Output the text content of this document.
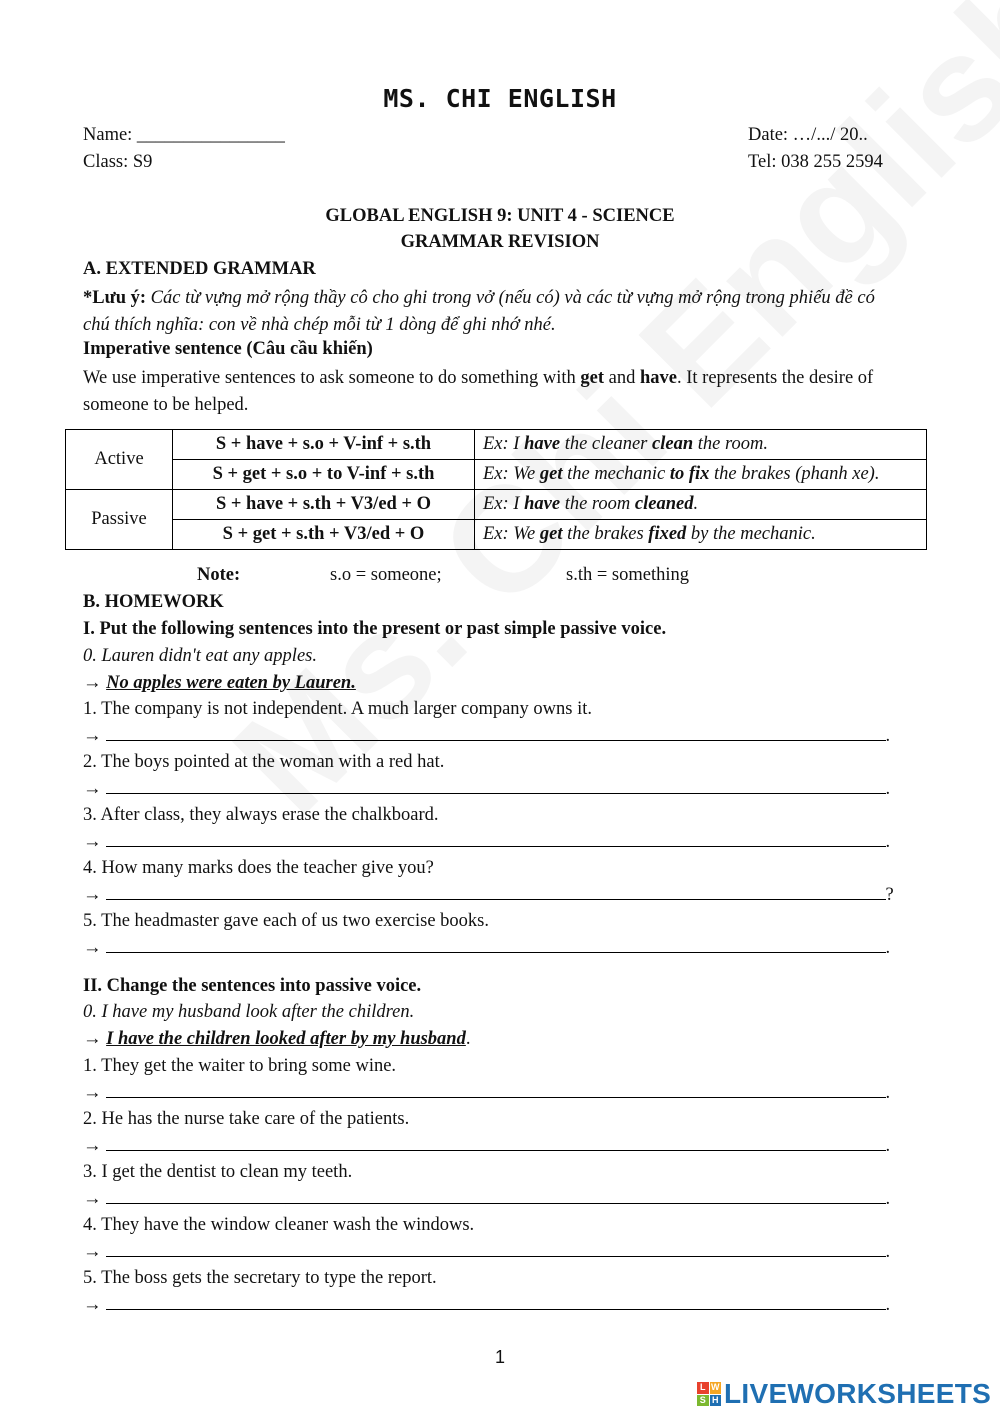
MS. CHI ENGLISH
Name: ________________	Date: …/.../ 20..
Class: S9	Tel: 038 255 2594
GLOBAL ENGLISH 9: UNIT 4 - SCIENCE
GRAMMAR REVISION
A. EXTENDED GRAMMAR
*Lưu ý: Các từ vựng mở rộng thầy cô cho ghi trong vở (nếu có) và các từ vựng mở rộng trong phiếu đề có chú thích nghĩa: con về nhà chép mỗi từ 1 dòng để ghi nhớ nhé.
Imperative sentence (Câu cầu khiến)
We use imperative sentences to ask someone to do something with get and have. It represents the desire of someone to be helped.
Active	S + have + s.o + V-inf + s.th	Ex: I have the cleaner clean the room.
	S + get + s.o + to V-inf + s.th	Ex: We get the mechanic to fix the brakes (phanh xe).
Passive	S + have + s.th + V3/ed + O	Ex: I have the room cleaned.
	S + get + s.th + V3/ed + O	Ex: We get the brakes fixed by the mechanic.
Note:	s.o = someone;	s.th = something
B. HOMEWORK
I. Put the following sentences into the present or past simple passive voice.
0. Lauren didn't eat any apples.
→ No apples were eaten by Lauren.
1. The company is not independent. A much larger company owns it.
→	.
2. The boys pointed at the woman with a red hat.
→	.
3. After class, they always erase the chalkboard.
→	.
4. How many marks does the teacher give you?
→	?
5. The headmaster gave each of us two exercise books.
→	.
II. Change the sentences into passive voice.
0. I have my husband look after the children.
→ I have the children looked after by my husband.
1. They get the waiter to bring some wine.
→	.
2. He has the nurse take care of the patients.
→	.
3. I get the dentist to clean my teeth.
→	.
4. They have the window cleaner wash the windows.
→	.
5. The boss gets the secretary to type the report.
→	.
1
L W
S H LIVEWORKSHEETS
